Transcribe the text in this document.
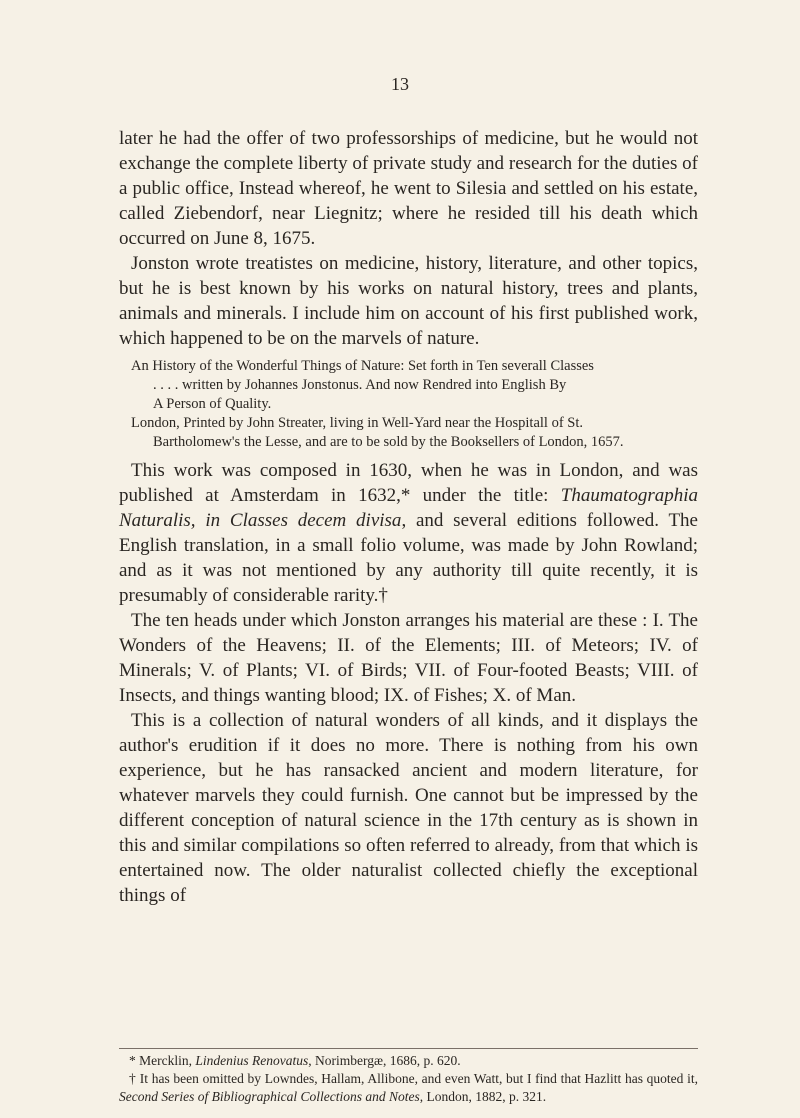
13

later he had the offer of two professorships of medicine, but he would not exchange the complete liberty of private study and research for the duties of a public office, Instead whereof, he went to Silesia and settled on his estate, called Ziebendorf, near Liegnitz; where he resided till his death which occurred on June 8, 1675.

Jonston wrote treatistes on medicine, history, literature, and other topics, but he is best known by his works on natural history, trees and plants, animals and minerals. I include him on account of his first published work, which happened to be on the marvels of nature.

An History of the Wonderful Things of Nature: Set forth in Ten severall Classes

. . . . written by Johannes Jonstonus. And now Rendred into English By

A Person of Quality.

London, Printed by John Streater, living in Well-Yard near the Hospitall of St.

Bartholomew's the Lesse, and are to be sold by the Booksellers of London, 1657.

This work was composed in 1630, when he was in London, and was published at Amsterdam in 1632,* under the title: Thaumatographia Naturalis, in Classes decem divisa, and several editions followed. The English translation, in a small folio volume, was made by John Rowland; and as it was not mentioned by any authority till quite recently, it is presumably of considerable rarity.†

The ten heads under which Jonston arranges his material are these : I. The Wonders of the Heavens; II. of the Elements; III. of Meteors; IV. of Minerals; V. of Plants; VI. of Birds; VII. of Four-footed Beasts; VIII. of Insects, and things wanting blood; IX. of Fishes; X. of Man.

This is a collection of natural wonders of all kinds, and it displays the author's erudition if it does no more. There is nothing from his own experience, but he has ransacked ancient and modern literature, for whatever marvels they could furnish. One cannot but be impressed by the different conception of natural science in the 17th century as is shown in this and similar compilations so often referred to already, from that which is entertained now. The older naturalist collected chiefly the exceptional things of

* Mercklin, Lindenius Renovatus, Norimbergæ, 1686, p. 620.

† It has been omitted by Lowndes, Hallam, Allibone, and even Watt, but I find that Hazlitt has quoted it, Second Series of Bibliographical Collections and Notes, London, 1882, p. 321.
